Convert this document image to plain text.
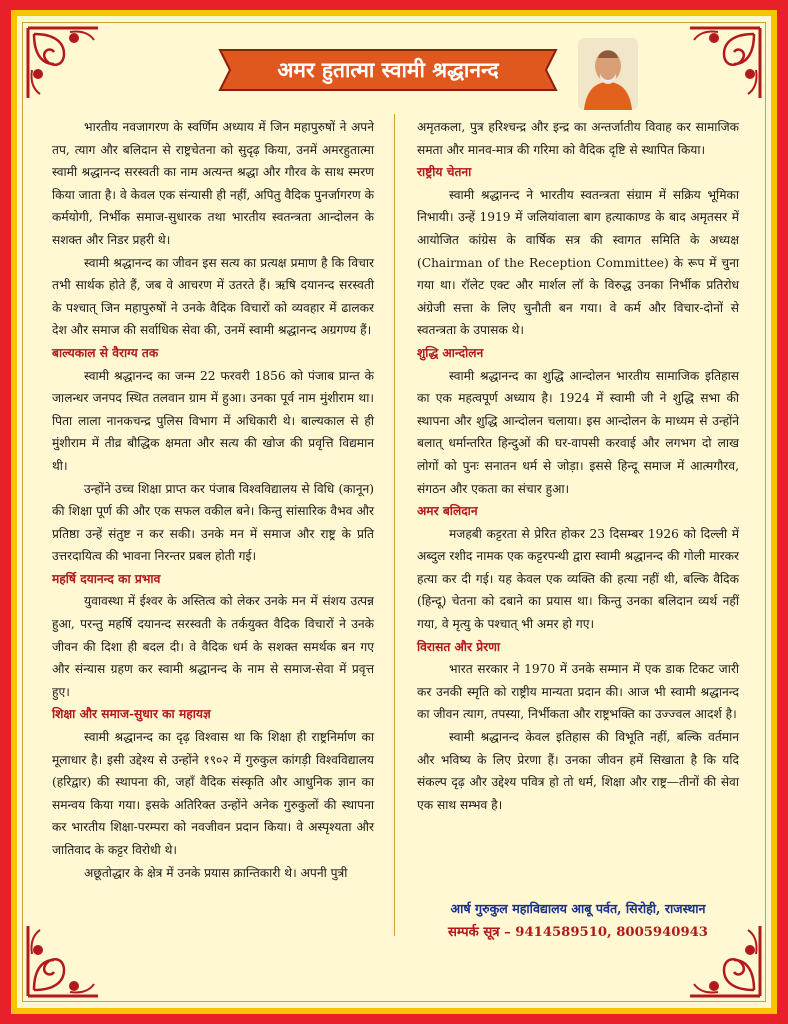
अमर हुतात्मा स्वामी श्रद्धानन्द

भारतीय नवजागरण के स्वर्णिम अध्याय में जिन महापुरुषों ने अपने तप, त्याग और बलिदान से राष्ट्रचेतना को सुदृढ़ किया, उनमें अमरहुतात्मा स्वामी श्रद्धानन्द सरस्वती का नाम अत्यन्त श्रद्धा और गौरव के साथ स्मरण किया जाता है। वे केवल एक संन्यासी ही नहीं, अपितु वैदिक पुनर्जागरण के कर्मयोगी, निर्भीक समाज-सुधारक तथा भारतीय स्वतन्त्रता आन्दोलन के सशक्त और निडर प्रहरी थे।

स्वामी श्रद्धानन्द का जीवन इस सत्य का प्रत्यक्ष प्रमाण है कि विचार तभी सार्थक होते हैं, जब वे आचरण में उतरते हैं। ऋषि दयानन्द सरस्वती के पश्चात् जिन महापुरुषों ने उनके वैदिक विचारों को व्यवहार में ढालकर देश और समाज की सर्वाधिक सेवा की, उनमें स्वामी श्रद्धानन्द अग्रगण्य हैं।

बाल्यकाल से वैराग्य तक

स्वामी श्रद्धानन्द का जन्म 22 फरवरी 1856 को पंजाब प्रान्त के जालन्धर जनपद स्थित तलवान ग्राम में हुआ। उनका पूर्व नाम मुंशीराम था। पिता लाला नानकचन्द्र पुलिस विभाग में अधिकारी थे। बाल्यकाल से ही मुंशीराम में तीव्र बौद्धिक क्षमता और सत्य की खोज की प्रवृत्ति विद्यमान थी।

उन्होंने उच्च शिक्षा प्राप्त कर पंजाब विश्वविद्यालय से विधि (कानून) की शिक्षा पूर्ण की और एक सफल वकील बने। किन्तु सांसारिक वैभव और प्रतिष्ठा उन्हें संतुष्ट न कर सकी। उनके मन में समाज और राष्ट्र के प्रति उत्तरदायित्व की भावना निरन्तर प्रबल होती गई।

महर्षि दयानन्द का प्रभाव

युवावस्था में ईश्वर के अस्तित्व को लेकर उनके मन में संशय उत्पन्न हुआ, परन्तु महर्षि दयानन्द सरस्वती के तर्कयुक्त वैदिक विचारों ने उनके जीवन की दिशा ही बदल दी। वे वैदिक धर्म के सशक्त समर्थक बन गए और संन्यास ग्रहण कर स्वामी श्रद्धानन्द के नाम से समाज-सेवा में प्रवृत्त हुए।

शिक्षा और समाज-सुधार का महायज्ञ

स्वामी श्रद्धानन्द का दृढ़ विश्वास था कि शिक्षा ही राष्ट्रनिर्माण का मूलाधार है। इसी उद्देश्य से उन्होंने १९०२ में गुरुकुल कांगड़ी विश्वविद्यालय (हरिद्वार) की स्थापना की, जहाँ वैदिक संस्कृति और आधुनिक ज्ञान का समन्वय किया गया। इसके अतिरिक्त उन्होंने अनेक गुरुकुलों की स्थापना कर भारतीय शिक्षा-परम्परा को नवजीवन प्रदान किया। वे अस्पृश्यता और जातिवाद के कट्टर विरोधी थे।

अछूतोद्धार के क्षेत्र में उनके प्रयास क्रान्तिकारी थे। अपनी पुत्री

अमृतकला, पुत्र हरिश्चन्द्र और इन्द्र का अन्तर्जातीय विवाह कर सामाजिक समता और मानव-मात्र की गरिमा को वैदिक दृष्टि से स्थापित किया।

राष्ट्रीय चेतना

स्वामी श्रद्धानन्द ने भारतीय स्वतन्त्रता संग्राम में सक्रिय भूमिका निभायी। उन्हें 1919 में जलियांवाला बाग हत्याकाण्ड के बाद अमृतसर में आयोजित कांग्रेस के वार्षिक सत्र की स्वागत समिति के अध्यक्ष (Chairman of the Reception Committee) के रूप में चुना गया था। रॉलेट एक्ट और मार्शल लॉ के विरुद्ध उनका निर्भीक प्रतिरोध अंग्रेजी सत्ता के लिए चुनौती बन गया। वे कर्म और विचार-दोनों से स्वतन्त्रता के उपासक थे।

शुद्धि आन्दोलन

स्वामी श्रद्धानन्द का शुद्धि आन्दोलन भारतीय सामाजिक इतिहास का एक महत्वपूर्ण अध्याय है। 1924 में स्वामी जी ने शुद्धि सभा की स्थापना और शुद्धि आन्दोलन चलाया। इस आन्दोलन के माध्यम से उन्होंने बलात् धर्मान्तरित हिन्दुओं की घर-वापसी करवाई और लगभग दो लाख लोगों को पुनः सनातन धर्म से जोड़ा। इससे हिन्दू समाज में आत्मगौरव, संगठन और एकता का संचार हुआ।

अमर बलिदान

मजहबी कट्टरता से प्रेरित होकर 23 दिसम्बर 1926 को दिल्ली में अब्दुल रशीद नामक एक कट्टरपन्थी द्वारा स्वामी श्रद्धानन्द की गोली मारकर हत्या कर दी गई। यह केवल एक व्यक्ति की हत्या नहीं थी, बल्कि वैदिक (हिन्दू) चेतना को दबाने का प्रयास था। किन्तु उनका बलिदान व्यर्थ नहीं गया, वे मृत्यु के पश्चात् भी अमर हो गए।

विरासत और प्रेरणा

भारत सरकार ने 1970 में उनके सम्मान में एक डाक टिकट जारी कर उनकी स्मृति को राष्ट्रीय मान्यता प्रदान की। आज भी स्वामी श्रद्धानन्द का जीवन त्याग, तपस्या, निर्भीकता और राष्ट्रभक्ति का उज्ज्वल आदर्श है।

स्वामी श्रद्धानन्द केवल इतिहास की विभूति नहीं, बल्कि वर्तमान और भविष्य के लिए प्रेरणा हैं। उनका जीवन हमें सिखाता है कि यदि संकल्प दृढ़ और उद्देश्य पवित्र हो तो धर्म, शिक्षा और राष्ट्र—तीनों की सेवा एक साथ सम्भव है।

आर्ष गुरुकुल महाविद्यालय आबू पर्वत, सिरोही, राजस्थान
सम्पर्क सूत्र – 9414589510, 8005940943
